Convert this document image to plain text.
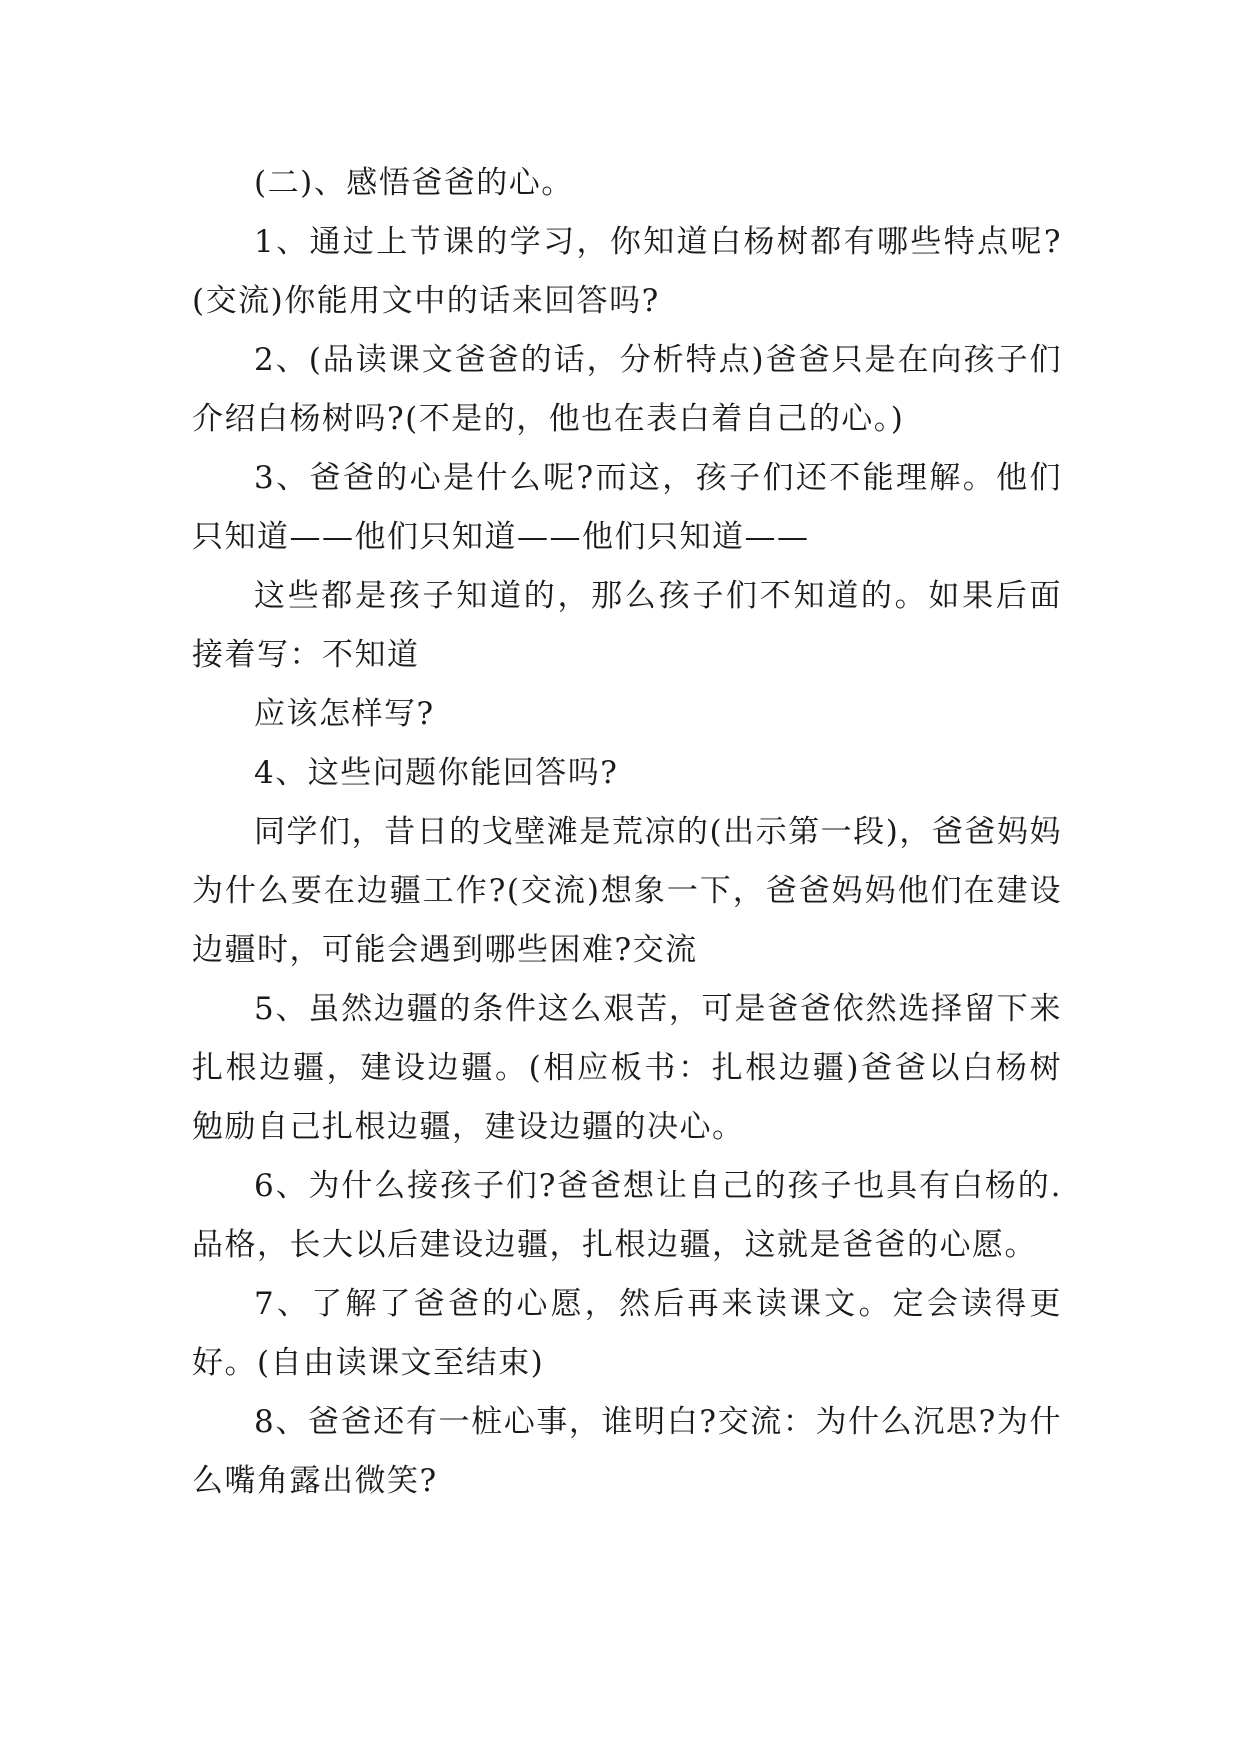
(二)、感悟爸爸的心。

1、通过上节课的学习，你知道白杨树都有哪些特点呢?(交流)你能用文中的话来回答吗?

2、(品读课文爸爸的话，分析特点)爸爸只是在向孩子们介绍白杨树吗?(不是的，他也在表白着自己的心。)

3、爸爸的心是什么呢?而这，孩子们还不能理解。他们只知道——他们只知道——他们只知道——

这些都是孩子知道的，那么孩子们不知道的。如果后面接着写：不知道

应该怎样写?

4、这些问题你能回答吗?

同学们，昔日的戈壁滩是荒凉的(出示第一段)，爸爸妈妈为什么要在边疆工作?(交流)想象一下，爸爸妈妈他们在建设边疆时，可能会遇到哪些困难?交流

5、虽然边疆的条件这么艰苦，可是爸爸依然选择留下来扎根边疆，建设边疆。(相应板书：扎根边疆)爸爸以白杨树勉励自己扎根边疆，建设边疆的决心。

6、为什么接孩子们?爸爸想让自己的孩子也具有白杨的.品格，长大以后建设边疆，扎根边疆，这就是爸爸的心愿。

7、了解了爸爸的心愿，然后再来读课文。定会读得更好。(自由读课文至结束)

8、爸爸还有一桩心事，谁明白?交流：为什么沉思?为什么嘴角露出微笑?
